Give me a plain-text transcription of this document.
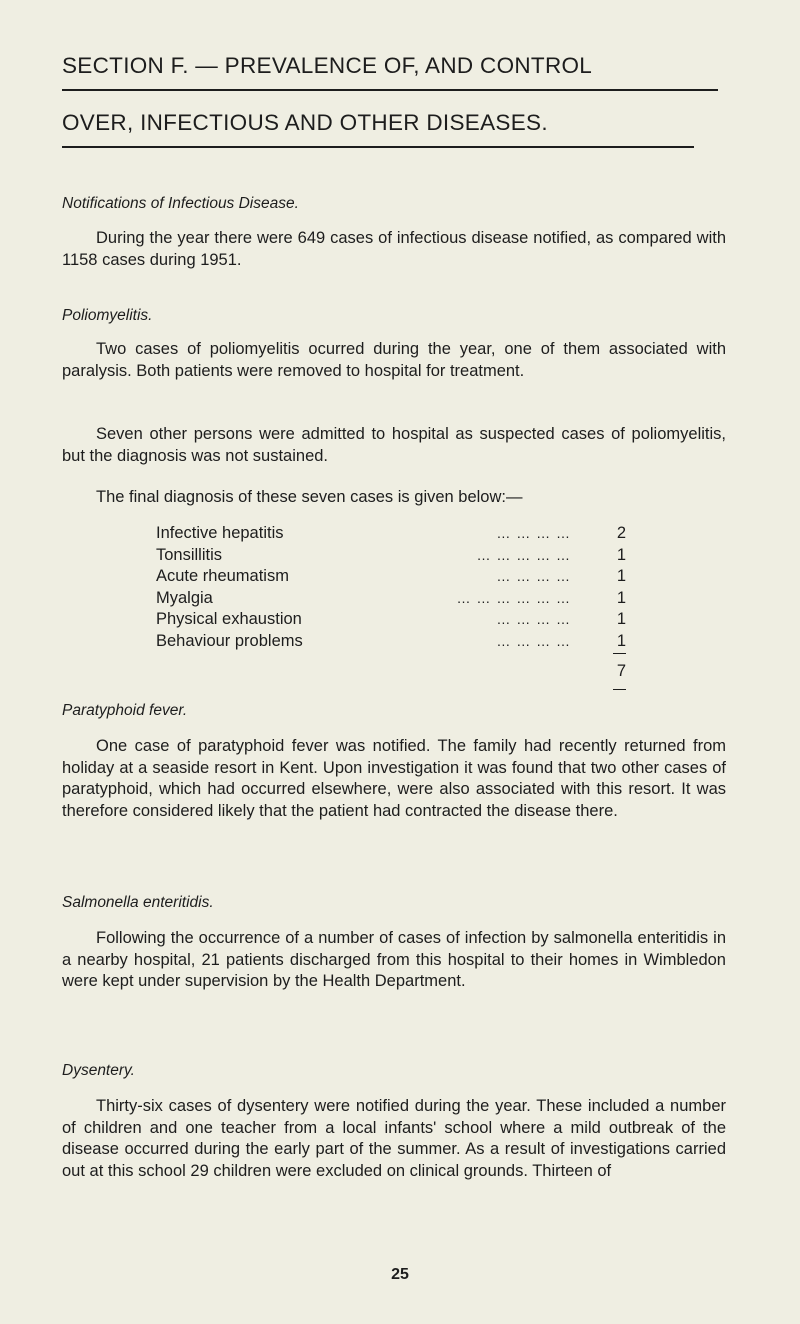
SECTION F. — PREVALENCE OF, AND CONTROL
OVER, INFECTIOUS AND OTHER DISEASES.

Notifications of Infectious Disease.

During the year there were 649 cases of infectious disease notified, as compared with 1158 cases during 1951.

Poliomyelitis.

Two cases of poliomyelitis ocurred during the year, one of them associated with paralysis. Both patients were removed to hospital for treatment.

Seven other persons were admitted to hospital as suspected cases of poliomyelitis, but the diagnosis was not sustained.

The final diagnosis of these seven cases is given below:—

Infective hepatitis	… … … …	2
Tonsillitis	… … … … …	1
Acute rheumatism	… … … …	1
Myalgia	… … … … … …	1
Physical exhaustion	… … … …	1
Behaviour problems	… … … …	1
7

Paratyphoid fever.

One case of paratyphoid fever was notified. The family had recently returned from holiday at a seaside resort in Kent. Upon investigation it was found that two other cases of paratyphoid, which had occurred elsewhere, were also associated with this resort. It was therefore considered likely that the patient had contracted the disease there.

Salmonella enteritidis.

Following the occurrence of a number of cases of infection by salmonella enteritidis in a nearby hospital, 21 patients discharged from this hospital to their homes in Wimbledon were kept under supervision by the Health Department.

Dysentery.

Thirty-six cases of dysentery were notified during the year. These included a number of children and one teacher from a local infants' school where a mild outbreak of the disease occurred during the early part of the summer. As a result of investigations carried out at this school 29 children were excluded on clinical grounds. Thirteen of

25
